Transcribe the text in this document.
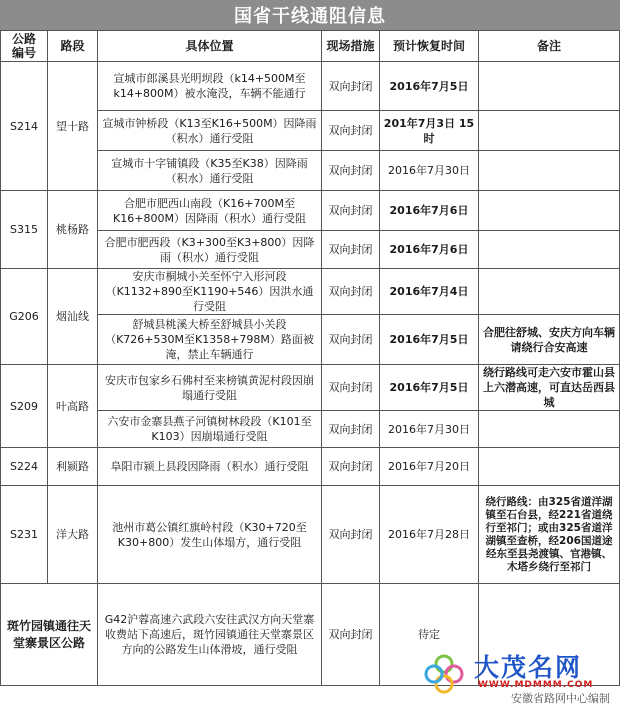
国省干线通阻信息
公路
编号	路段	具体位置	现场措施	预计恢复时间	备注
S214	望十路	宣城市郎溪县光明坝段（k14+500M至k14+800M）被水淹没，车辆不能通行	双向封闭	2016年7月5日	
		宣城市钟桥段（K13至K16+500M）因降雨（积水）通行受阻	双向封闭	201年7月3日 15时	
		宣城市十字铺镇段（K35至K38）因降雨（积水）通行受阻	双向封闭	2016年7月30日	
S315	桃杨路	合肥市肥西山南段（K16+700M至K16+800M）因降雨（积水）通行受阻	双向封闭	2016年7月6日	
		合肥市肥西段（K3+300至K3+800）因降雨（积水）通行受阻	双向封闭	2016年7月6日	
G206	烟汕线	安庆市桐城小关至怀宁入形河段（K1132+890至K1190+546）因洪水通行受阻	双向封闭	2016年7月4日	
		舒城县桃溪大桥至舒城县小关段（K726+530M至K1358+798M）路面被淹，禁止车辆通行	双向封闭	2016年7月5日	合肥往舒城、安庆方向车辆请绕行合安高速
S209	叶高路	安庆市包家乡石佛村至来榜镇黄泥村段因崩塌通行受阻	双向封闭	2016年7月5日	绕行路线可走六安市霍山县上六潜高速，可直达岳西县城
		六安市金寨县燕子河镇树林段段（K101至K103）因崩塌通行受阻	双向封闭	2016年7月30日	
S224	利颍路	阜阳市颍上县段因降雨（积水）通行受阻	双向封闭	2016年7月20日	
S231	洋大路	池州市葛公镇红旗岭村段（K30+720至K30+800）发生山体塌方，通行受阻	双向封闭	2016年7月28日	绕行路线：由325省道洋湖镇至石台县，经221省道绕行至祁门；或由325省道洋湖镇至查桥，经206国道途经东至县尧渡镇、官港镇、木塔乡绕行至祁门
斑竹园镇通往天堂寨景区公路		G42沪蓉高速六武段六安往武汉方向天堂寨收费站下高速后，斑竹园镇通往天堂寨景区方向的公路发生山体滑坡，通行受阻	双向封闭	待定	
大茂名网
WWW.MDMMM.COM
安徽省路网中心编制
